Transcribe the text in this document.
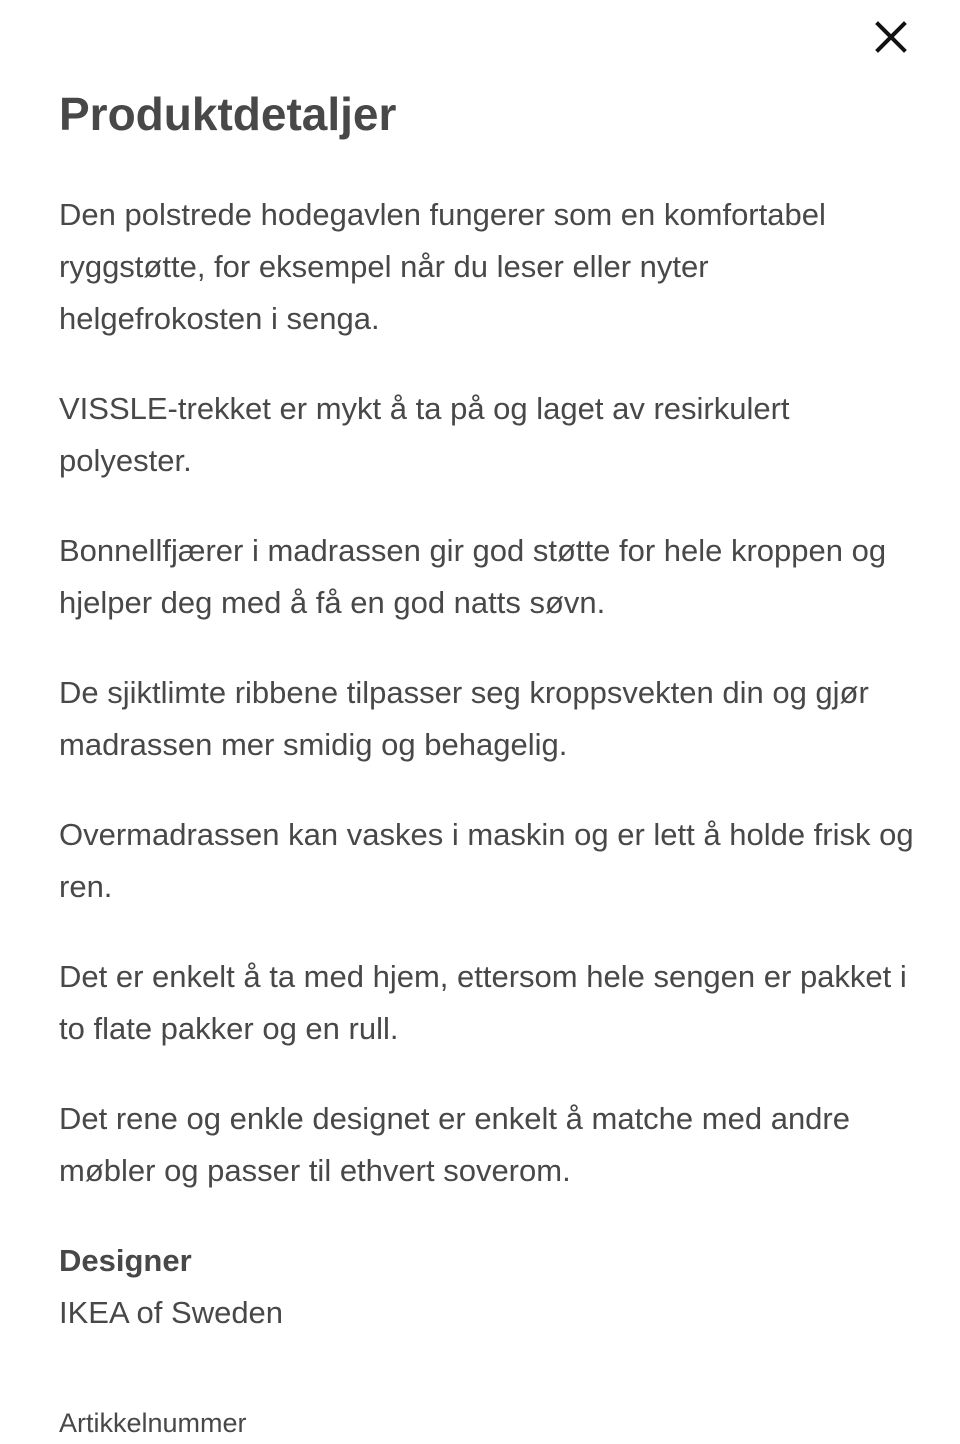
Produktdetaljer

Den polstrede hodegavlen fungerer som en komfortabel ryggstøtte, for eksempel når du leser eller nyter helgefrokosten i senga.

VISSLE-trekket er mykt å ta på og laget av resirkulert polyester.

Bonnellfjærer i madrassen gir god støtte for hele kroppen og hjelper deg med å få en god natts søvn.

De sjiktlimte ribbene tilpasser seg kroppsvekten din og gjør madrassen mer smidig og behagelig.

Overmadrassen kan vaskes i maskin og er lett å holde frisk og ren.

Det er enkelt å ta med hjem, ettersom hele sengen er pakket i to flate pakker og en rull.

Det rene og enkle designet er enkelt å matche med andre møbler og passer til ethvert soverom.

Designer
IKEA of Sweden
Artikkelnummer
